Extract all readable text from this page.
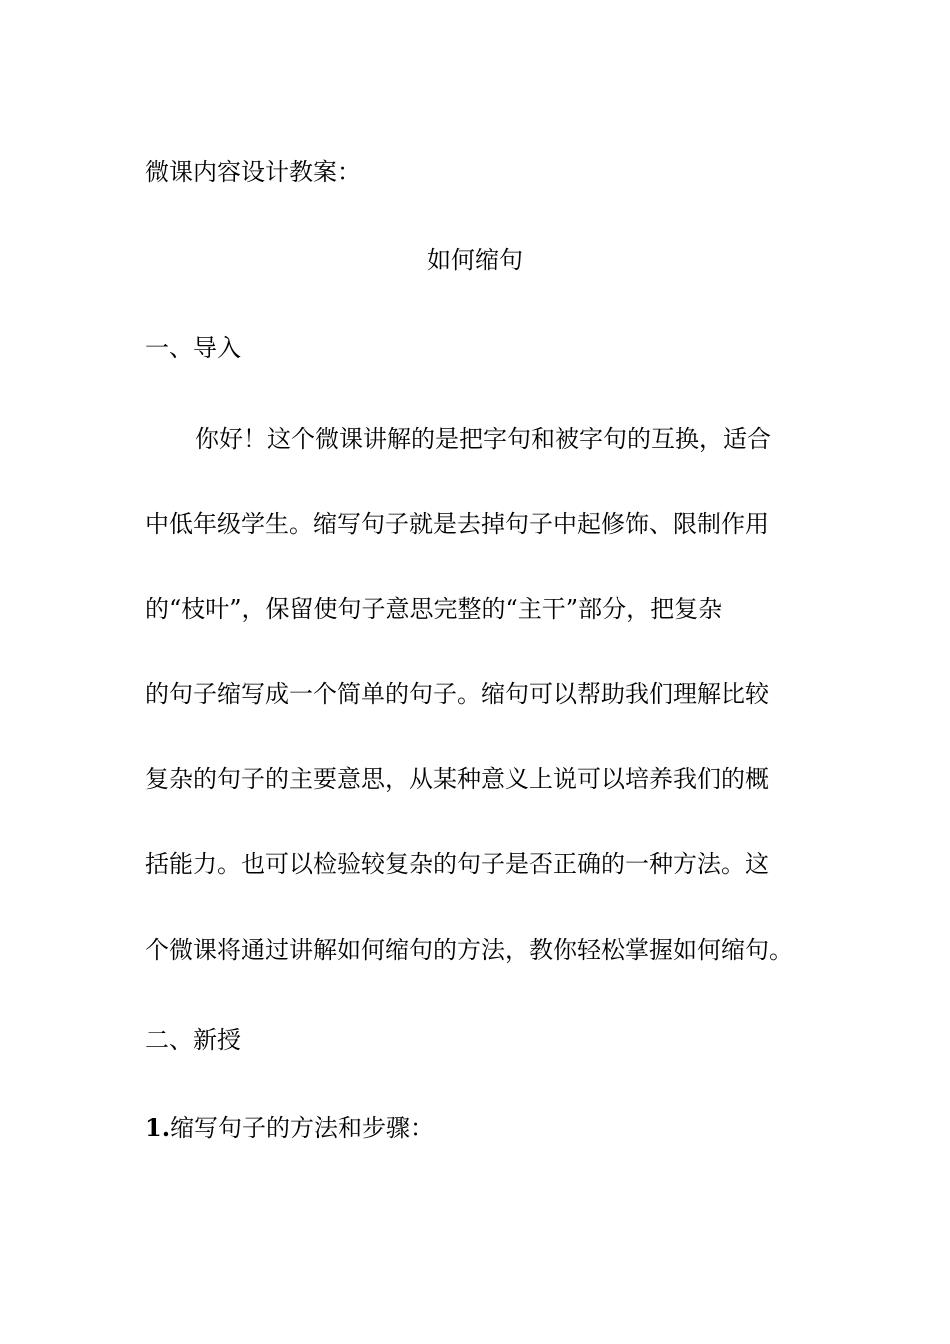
微课内容设计教案：
如何缩句
一、导入
你好！这个微课讲解的是把字句和被字句的互换，适合
中低年级学生。缩写句子就是去掉句子中起修饰、限制作用
的“枝叶”，保留使句子意思完整的“主干”部分，把复杂
的句子缩写成一个简单的句子。缩句可以帮助我们理解比较
复杂的句子的主要意思，从某种意义上说可以培养我们的概
括能力。也可以检验较复杂的句子是否正确的一种方法。这
个微课将通过讲解如何缩句的方法，教你轻松掌握如何缩句。
二、新授
1.缩写句子的方法和步骤：
